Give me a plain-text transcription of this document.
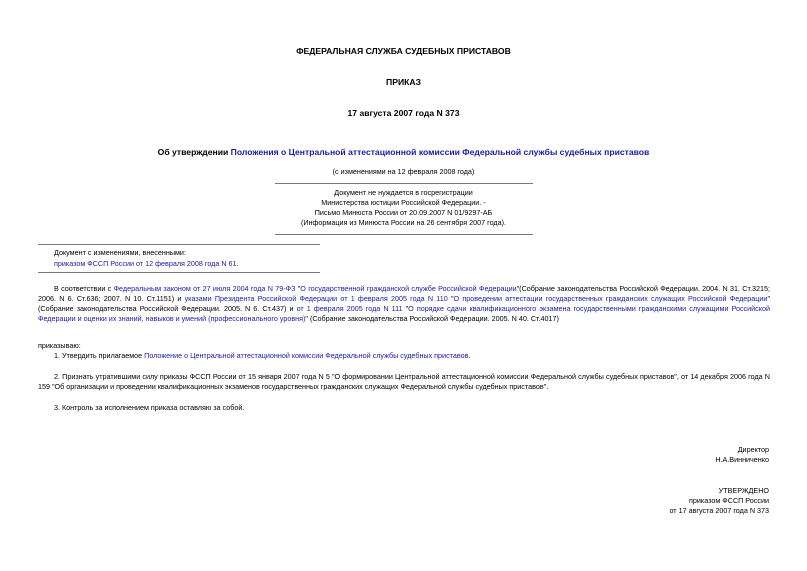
ФЕДЕРАЛЬНАЯ СЛУЖБА СУДЕБНЫХ ПРИСТАВОВ
ПРИКАЗ
17 августа 2007 года N 373
Об утверждении Положения о Центральной аттестационной комиссии Федеральной службы судебных приставов
(с изменениями на 12 февраля 2008 года)
Документ не нуждается в госрегистрации
Министерства юстиции Российской Федерации. -
Письмо Минюста России от 20.09.2007 N 01/9297-АБ
(Информация из Минюста России на 26 сентября 2007 года).
Документ с изменениями, внесенными:
приказом ФССП России от 12 февраля 2008 года N 61.
В соответствии с Федеральным законом от 27 июля 2004 года N 79-ФЗ "О государственной гражданской службе Российской Федерации"(Собрание законодательства Российской Федерации. 2004. N 31. Ст.3215; 2006. N 6. Ст.636; 2007. N 10. Ст.1151) и указами Президента Российской Федерации от 1 февраля 2005 года N 110 "О проведении аттестации государственных гражданских служащих Российской Федерации" (Собрание законодательства Российской Федерации. 2005. N 6. Ст.437) и от 1 февраля 2005 года N 111 "О порядке сдачи квалификационного экзамена государственными гражданскими служащими Российской Федерации и оценки их знаний, навыков и умений (профессионального уровня)" (Собрание законодательства Российской Федерации. 2005. N 40. Ст.4017)
приказываю:
1. Утвердить прилагаемое Положение о Центральной аттестационной комиссии Федеральной службы судебных приставов.
2. Признать утратившими силу приказы ФССП России от 15 января 2007 года N 5 "О формировании Центральной аттестационной комиссии Федеральной службы судебных приставов", от 14 декабря 2006 года N 159 "Об организации и проведении квалификационных экзаменов государственных гражданских служащих Федеральной службы судебных приставов".
3. Контроль за исполнением приказа оставляю за собой.
Директор
Н.А.Винниченко
УТВЕРЖДЕНО
приказом ФССП России
от 17 августа 2007 года N 373
